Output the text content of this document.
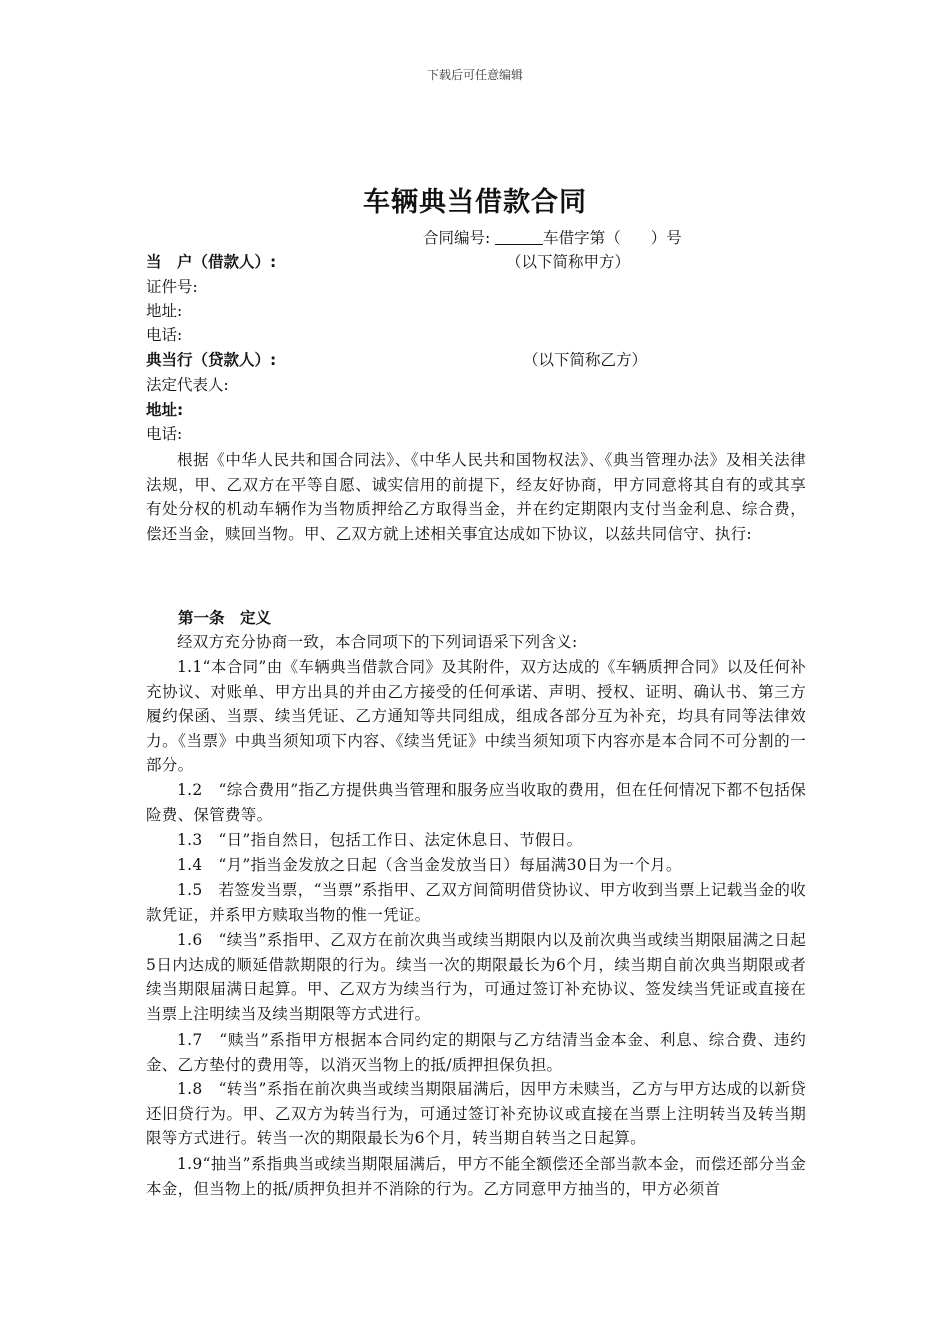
下载后可任意编辑
车辆典当借款合同
合同编号:	车借字第（ ）号
当　户（借款人）:	（以下简称甲方）
证件号:
地址:
电话:
典当行（贷款人）:	（以下简称乙方）
法定代表人:
地址:
电话:
根据《中华人民共和国合同法》、《中华人民共和国物权法》、《典当管理办法》及相关法律法规，甲、乙双方在平等自愿、诚实信用的前提下，经友好协商，甲方同意将其自有的或其享有处分权的机动车辆作为当物质押给乙方取得当金，并在约定期限内支付当金利息、综合费，偿还当金，赎回当物。甲、乙双方就上述相关事宜达成如下协议，以兹共同信守、执行:
第一条　定义
经双方充分协商一致，本合同项下的下列词语采下列含义:
1.1“本合同”由《车辆典当借款合同》及其附件，双方达成的《车辆质押合同》以及任何补充协议、对账单、甲方出具的并由乙方接受的任何承诺、声明、授权、证明、确认书、第三方履约保函、当票、续当凭证、乙方通知等共同组成，组成各部分互为补充，均具有同等法律效力。《当票》中典当须知项下内容、《续当凭证》中续当须知项下内容亦是本合同不可分割的一部分。
1.2　“综合费用”指乙方提供典当管理和服务应当收取的费用，但在任何情况下都不包括保险费、保管费等。
1.3　“日”指自然日，包括工作日、法定休息日、节假日。
1.4　“月”指当金发放之日起（含当金发放当日）每届满30日为一个月。
1.5　若签发当票，“当票”系指甲、乙双方间简明借贷协议、甲方收到当票上记载当金的收款凭证，并系甲方赎取当物的惟一凭证。
1.6　“续当”系指甲、乙双方在前次典当或续当期限内以及前次典当或续当期限届满之日起5日内达成的顺延借款期限的行为。续当一次的期限最长为6个月，续当期自前次典当期限或者续当期限届满日起算。甲、乙双方为续当行为，可通过签订补充协议、签发续当凭证或直接在当票上注明续当及续当期限等方式进行。
1.7　“赎当”系指甲方根据本合同约定的期限与乙方结清当金本金、利息、综合费、违约金、乙方垫付的费用等，以消灭当物上的抵/质押担保负担。
1.8　“转当”系指在前次典当或续当期限届满后，因甲方未赎当，乙方与甲方达成的以新贷还旧贷行为。甲、乙双方为转当行为，可通过签订补充协议或直接在当票上注明转当及转当期限等方式进行。转当一次的期限最长为6个月，转当期自转当之日起算。
1.9“抽当”系指典当或续当期限届满后，甲方不能全额偿还全部当款本金，而偿还部分当金本金，但当物上的抵/质押负担并不消除的行为。乙方同意甲方抽当的，甲方必须首
